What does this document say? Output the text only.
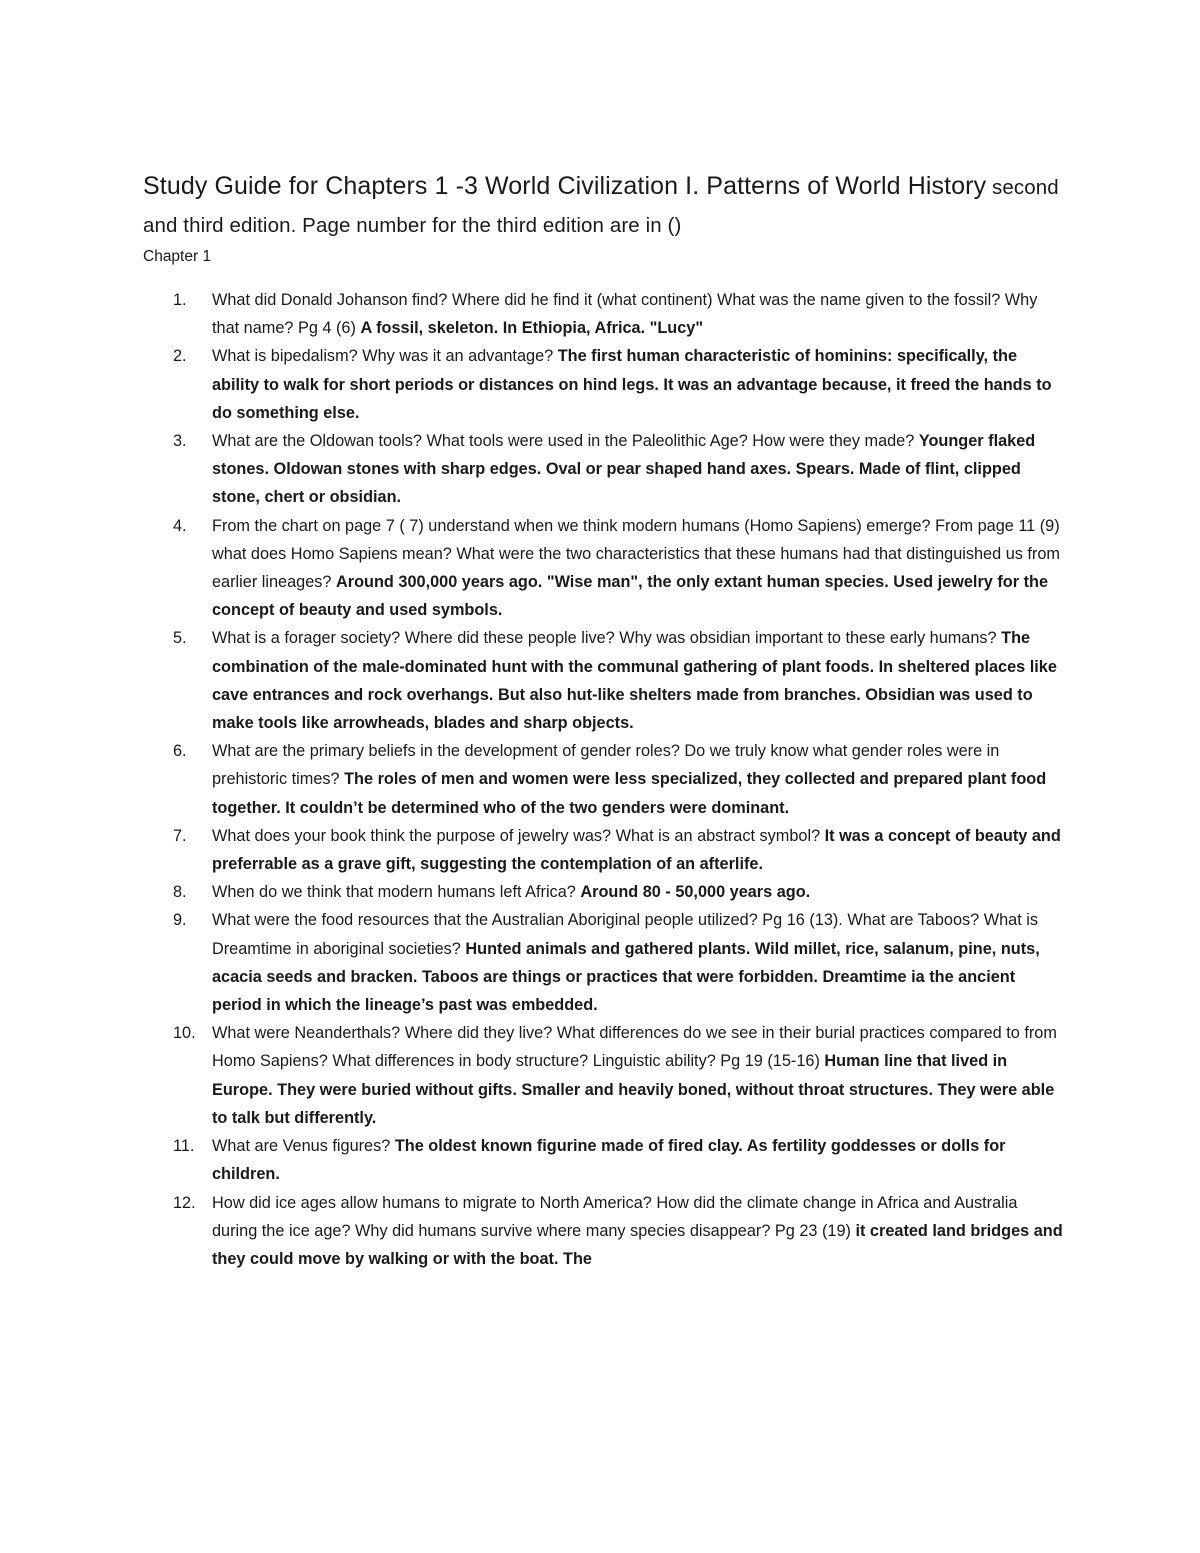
Study Guide for Chapters 1 -3 World Civilization I. Patterns of World History second and third edition. Page number for the third edition are in ()
Chapter 1
1.	What did Donald Johanson find? Where did he find it (what continent) What was the name given to the fossil? Why that name? Pg 4 (6) A fossil, skeleton. In Ethiopia, Africa. "Lucy"
2.	What is bipedalism? Why was it an advantage? The first human characteristic of hominins: specifically, the ability to walk for short periods or distances on hind legs. It was an advantage because, it freed the hands to do something else.
3.	What are the Oldowan tools? What tools were used in the Paleolithic Age? How were they made? Younger flaked stones. Oldowan stones with sharp edges. Oval or pear shaped hand axes. Spears. Made of flint, clipped stone, chert or obsidian.
4.	From the chart on page 7 ( 7) understand when we think modern humans (Homo Sapiens) emerge? From page 11 (9) what does Homo Sapiens mean? What were the two characteristics that these humans had that distinguished us from earlier lineages? Around 300,000 years ago. "Wise man", the only extant human species. Used jewelry for the concept of beauty and used symbols.
5.	What is a forager society? Where did these people live? Why was obsidian important to these early humans? The combination of the male-dominated hunt with the communal gathering of plant foods. In sheltered places like cave entrances and rock overhangs. But also hut-like shelters made from branches. Obsidian was used to make tools like arrowheads, blades and sharp objects.
6.	What are the primary beliefs in the development of gender roles? Do we truly know what gender roles were in prehistoric times? The roles of men and women were less specialized, they collected and prepared plant food together. It couldn’t be determined who of the two genders were dominant.
7.	What does your book think the purpose of jewelry was? What is an abstract symbol? It was a concept of beauty and preferrable as a grave gift, suggesting the contemplation of an afterlife.
8.	When do we think that modern humans left Africa? Around 80 - 50,000 years ago.
9.	What were the food resources that the Australian Aboriginal people utilized? Pg 16 (13). What are Taboos? What is Dreamtime in aboriginal societies? Hunted animals and gathered plants. Wild millet, rice, salanum, pine, nuts, acacia seeds and bracken. Taboos are things or practices that were forbidden. Dreamtime ia the ancient period in which the lineage’s past was embedded.
10.	What were Neanderthals? Where did they live? What differences do we see in their burial practices compared to from Homo Sapiens? What differences in body structure? Linguistic ability? Pg 19 (15-16) Human line that lived in Europe. They were buried without gifts. Smaller and heavily boned, without throat structures. They were able to talk but differently.
11.	What are Venus figures? The oldest known figurine made of fired clay. As fertility goddesses or dolls for children.
12.	How did ice ages allow humans to migrate to North America? How did the climate change in Africa and Australia during the ice age? Why did humans survive where many species disappear? Pg 23 (19) it created land bridges and they could move by walking or with the boat. The
